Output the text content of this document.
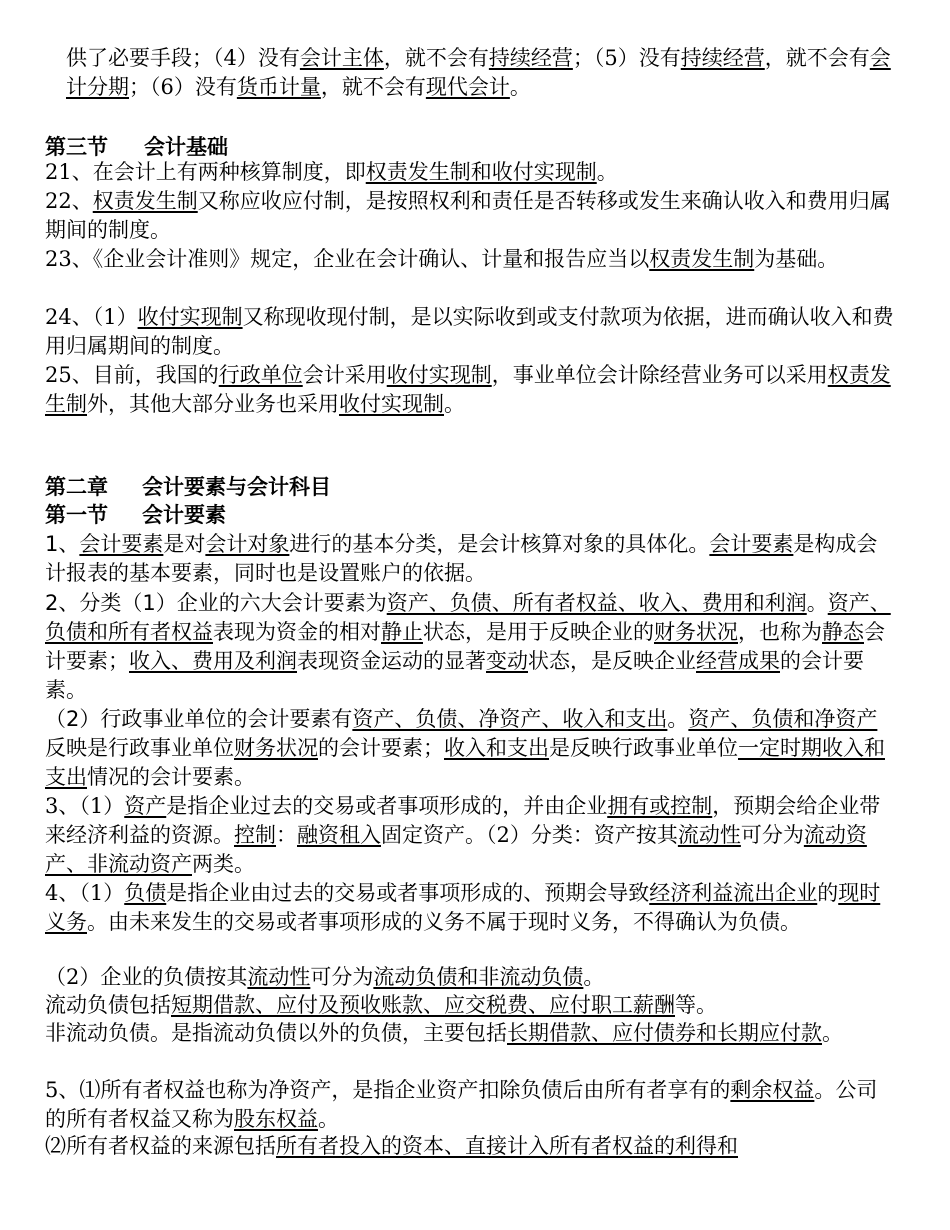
供了必要手段；（4）没有会计主体，就不会有持续经营；（5）没有持续经营，就不会有会计分期；（6）没有货币计量，就不会有现代会计。

第三节 会计基础

21、在会计上有两种核算制度，即权责发生制和收付实现制。

22、权责发生制又称应收应付制，是按照权利和责任是否转移或发生来确认收入和费用归属期间的制度。

23、《企业会计准则》规定，企业在会计确认、计量和报告应当以权责发生制为基础。

24、（1）收付实现制又称现收现付制，是以实际收到或支付款项为依据，进而确认收入和费用归属期间的制度。

25、目前，我国的行政单位会计采用收付实现制，事业单位会计除经营业务可以采用权责发生制外，其他大部分业务也采用收付实现制。

第二章 会计要素与会计科目
第一节 会计要素

1、会计要素是对会计对象进行的基本分类，是会计核算对象的具体化。会计要素是构成会计报表的基本要素，同时也是设置账户的依据。

2、分类（1）企业的六大会计要素为资产、负债、所有者权益、收入、费用和利润。资产、负债和所有者权益表现为资金的相对静止状态，是用于反映企业的财务状况，也称为静态会计要素；收入、费用及利润表现资金运动的显著变动状态，是反映企业经营成果的会计要素。

（2）行政事业单位的会计要素有资产、负债、净资产、收入和支出。资产、负债和净资产反映是行政事业单位财务状况的会计要素；收入和支出是反映行政事业单位一定时期收入和支出情况的会计要素。

3、（1）资产是指企业过去的交易或者事项形成的，并由企业拥有或控制，预期会给企业带来经济利益的资源。控制：融资租入固定资产。（2）分类：资产按其流动性可分为流动资产、非流动资产两类。

4、（1）负债是指企业由过去的交易或者事项形成的、预期会导致经济利益流出企业的现时义务。由未来发生的交易或者事项形成的义务不属于现时义务，不得确认为负债。

（2）企业的负债按其流动性可分为流动负债和非流动负债。

流动负债包括短期借款、应付及预收账款、应交税费、应付职工薪酬等。

非流动负债。是指流动负债以外的负债，主要包括长期借款、应付债券和长期应付款。

5、⑴所有者权益也称为净资产，是指企业资产扣除负债后由所有者享有的剩余权益。公司的所有者权益又称为股东权益。

⑵所有者权益的来源包括所有者投入的资本、直接计入所有者权益的利得和
